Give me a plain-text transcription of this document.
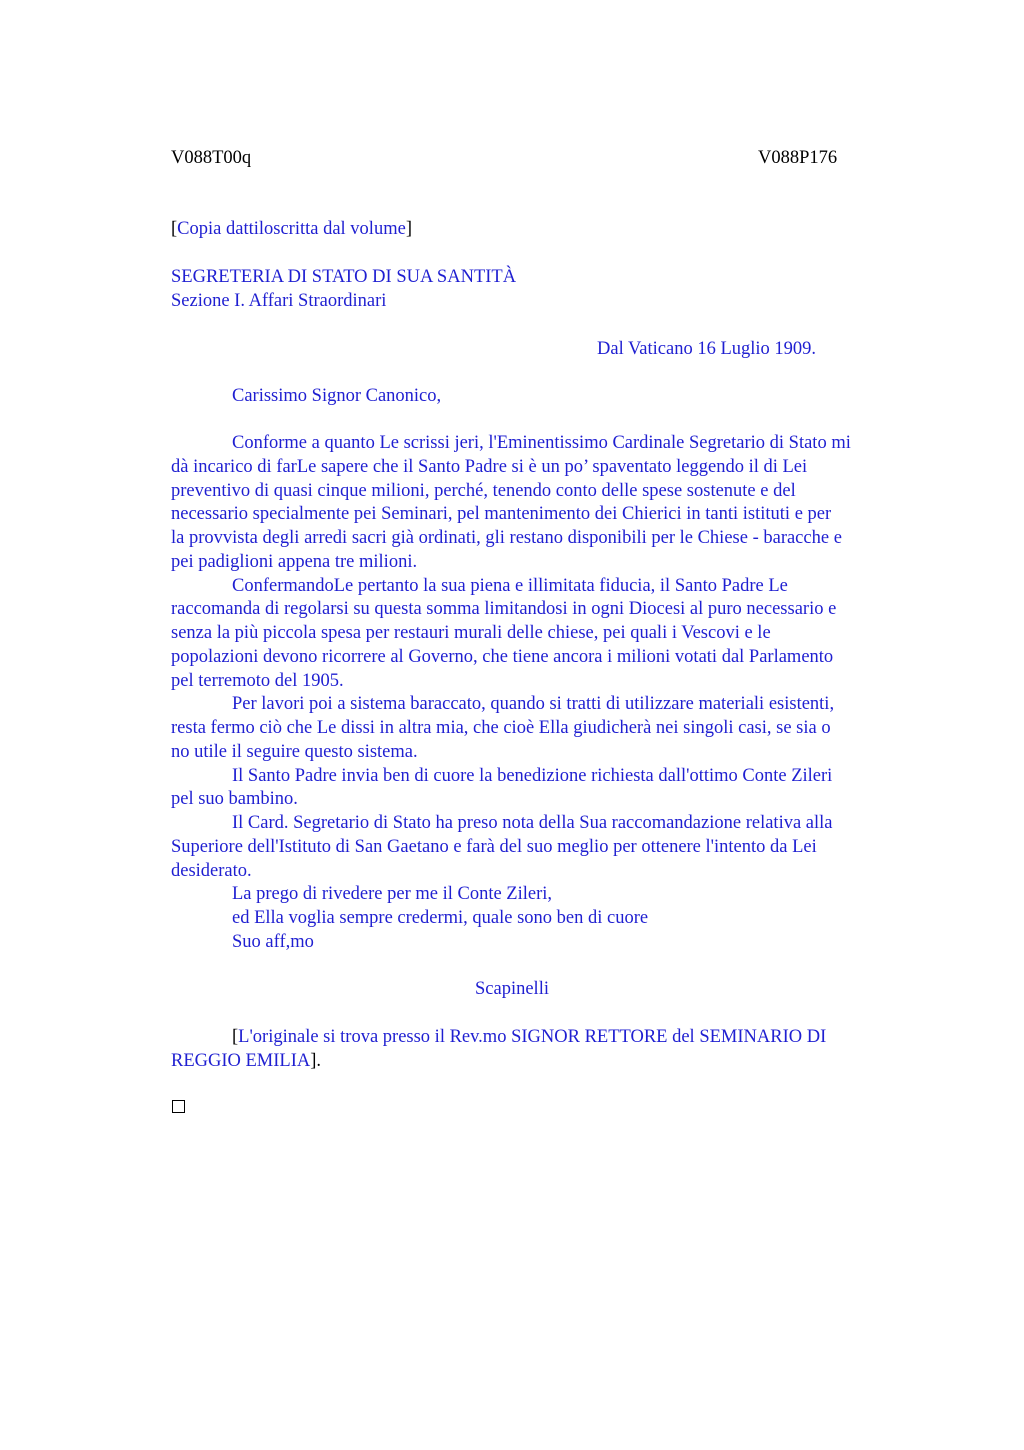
V088T00q	V088P176
[Copia dattiloscritta dal volume]
SEGRETERIA DI STATO DI SUA SANTITÀ
Sezione I. Affari Straordinari
Dal Vaticano 16 Luglio 1909.
Carissimo Signor Canonico,

Conforme a quanto Le scrissi jeri, l'Eminentissimo Cardinale Segretario di Stato mi

dà incarico di farLe sapere che il Santo Padre si è un po’ spaventato leggendo il di Lei

preventivo di quasi cinque milioni, perché, tenendo conto delle spese sostenute e del

necessario specialmente pei Seminari, pel mantenimento dei Chierici in tanti istituti e per

la provvista degli arredi sacri già ordinati, gli restano disponibili per le Chiese - baracche e

pei padiglioni appena tre milioni.

ConfermandoLe pertanto la sua piena e illimitata fiducia, il Santo Padre Le

raccomanda di regolarsi su questa somma limitandosi in ogni Diocesi al puro necessario e

senza la più piccola spesa per restauri murali delle chiese, pei quali i Vescovi e le

popolazioni devono ricorrere al Governo, che tiene ancora i milioni votati dal Parlamento

pel terremoto del 1905.

Per lavori poi a sistema baraccato, quando si tratti di utilizzare materiali esistenti,

resta fermo ciò che Le dissi in altra mia, che cioè Ella giudicherà nei singoli casi, se sia o

no utile il seguire questo sistema.

Il Santo Padre invia ben di cuore la benedizione richiesta dall'ottimo Conte Zileri

pel suo bambino.

Il Card. Segretario di Stato ha preso nota della Sua raccomandazione relativa alla

Superiore dell'Istituto di San Gaetano e farà del suo meglio per ottenere l'intento da Lei

desiderato.

La prego di rivedere per me il Conte Zileri,

ed Ella voglia sempre credermi, quale sono ben di cuore

Suo aff,mo

Scapinelli
[L'originale si trova presso il Rev.mo SIGNOR RETTORE del SEMINARIO DI
REGGIO EMILIA].
